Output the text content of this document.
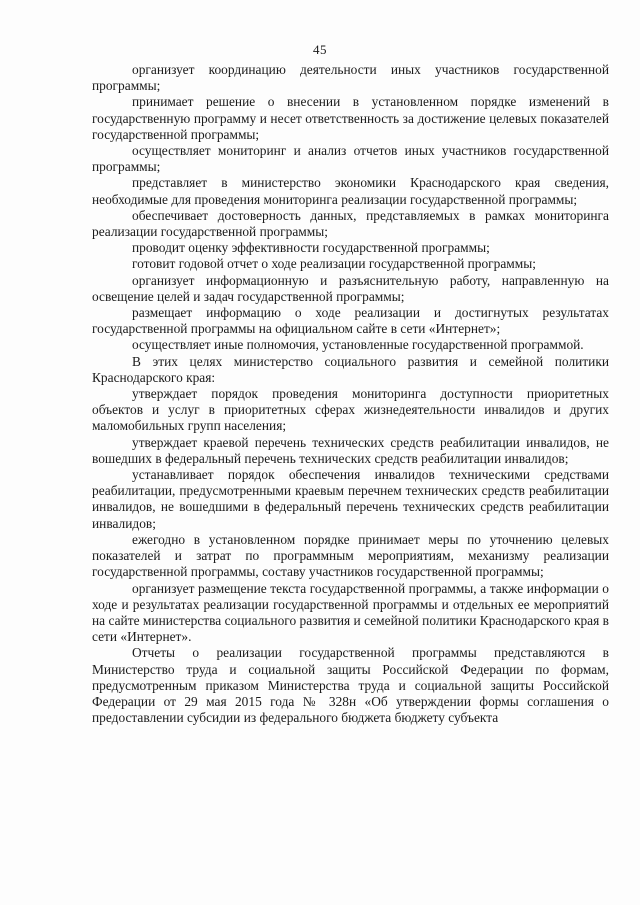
45

организует координацию деятельности иных участников государственной программы;

принимает решение о внесении в установленном порядке изменений в государственную программу и несет ответственность за достижение целевых показателей государственной программы;

осуществляет мониторинг и анализ отчетов иных участников государственной программы;

представляет в министерство экономики Краснодарского края сведения, необходимые для проведения мониторинга реализации государственной программы;

обеспечивает достоверность данных, представляемых в рамках мониторинга реализации государственной программы;

проводит оценку эффективности государственной программы;

готовит годовой отчет о ходе реализации государственной программы;

организует информационную и разъяснительную работу, направленную на освещение целей и задач государственной программы;

размещает информацию о ходе реализации и достигнутых результатах государственной программы на официальном сайте в сети «Интернет»;

осуществляет иные полномочия, установленные государственной программой.

В этих целях министерство социального развития и семейной политики Краснодарского края:

утверждает порядок проведения мониторинга доступности приоритетных объектов и услуг в приоритетных сферах жизнедеятельности инвалидов и других маломобильных групп населения;

утверждает краевой перечень технических средств реабилитации инвалидов, не вошедших в федеральный перечень технических средств реабилитации инвалидов;

устанавливает порядок обеспечения инвалидов техническими средствами реабилитации, предусмотренными краевым перечнем технических средств реабилитации инвалидов, не вошедшими в федеральный перечень технических средств реабилитации инвалидов;

ежегодно в установленном порядке принимает меры по уточнению целевых показателей и затрат по программным мероприятиям, механизму реализации государственной программы, составу участников государственной программы;

организует размещение текста государственной программы, а также информации о ходе и результатах реализации государственной программы и отдельных ее мероприятий на сайте министерства социального развития и семейной политики Краснодарского края в сети «Интернет».

Отчеты о реализации государственной программы представляются в Министерство труда и социальной защиты Российской Федерации по формам, предусмотренным приказом Министерства труда и социальной защиты Российской Федерации от 29 мая 2015 года № 328н «Об утверждении формы соглашения о предоставлении субсидии из федерального бюджета бюджету субъекта
